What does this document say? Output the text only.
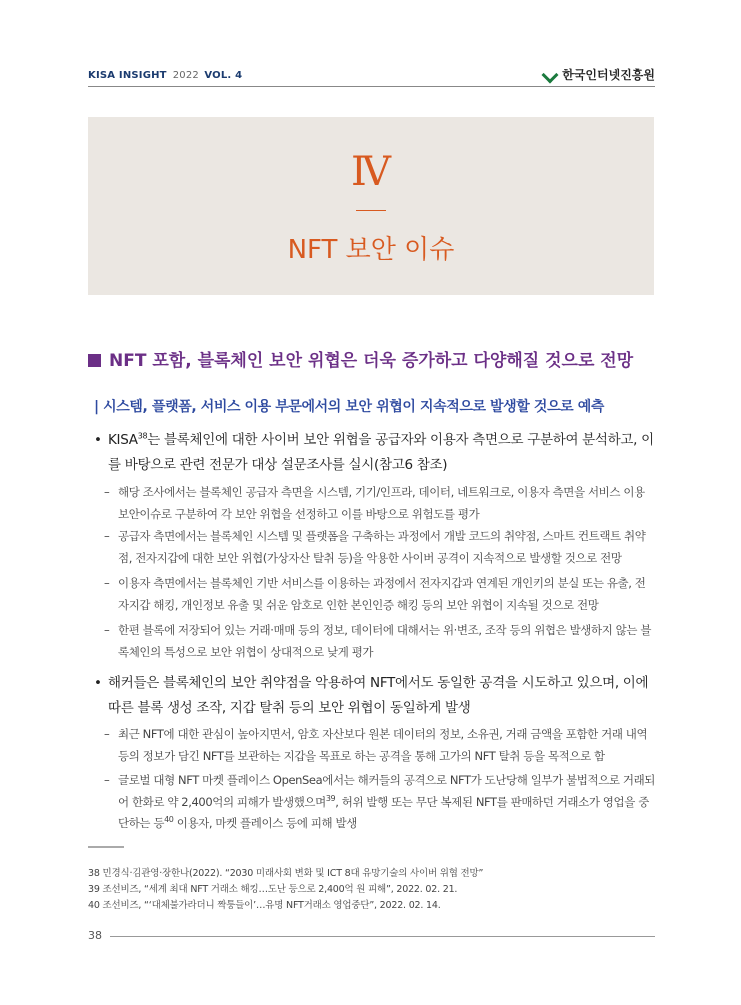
KISA INSIGHT 2022 VOL. 4	한국인터넷진흥원
Ⅳ
NFT 보안 이슈
NFT 포함, 블록체인 보안 위협은 더욱 증가하고 다양해질 것으로 전망
| 시스템, 플랫폼, 서비스 이용 부문에서의 보안 위협이 지속적으로 발생할 것으로 예측
• KISA$^{38}$는 블록체인에 대한 사이버 보안 위협을 공급자와 이용자 측면으로 구분하여 분석하고, 이를 바탕으로 관련 전문가 대상 설문조사를 실시(참고6 참조)
– 해당 조사에서는 블록체인 공급자 측면을 시스템, 기기/인프라, 데이터, 네트워크로, 이용자 측면을 서비스 이용 보안이슈로 구분하여 각 보안 위협을 선정하고 이를 바탕으로 위험도를 평가
– 공급자 측면에서는 블록체인 시스템 및 플랫폼을 구축하는 과정에서 개발 코드의 취약점, 스마트 컨트랙트 취약점, 전자지갑에 대한 보안 위협(가상자산 탈취 등)을 악용한 사이버 공격이 지속적으로 발생할 것으로 전망
– 이용자 측면에서는 블록체인 기반 서비스를 이용하는 과정에서 전자지갑과 연계된 개인키의 분실 또는 유출, 전자지갑 해킹, 개인정보 유출 및 쉬운 암호로 인한 본인인증 해킹 등의 보안 위협이 지속될 것으로 전망
– 한편 블록에 저장되어 있는 거래·매매 등의 정보, 데이터에 대해서는 위·변조, 조작 등의 위협은 발생하지 않는 블록체인의 특성으로 보안 위협이 상대적으로 낮게 평가
• 해커들은 블록체인의 보안 취약점을 악용하여 NFT에서도 동일한 공격을 시도하고 있으며, 이에 따른 블록 생성 조작, 지갑 탈취 등의 보안 위협이 동일하게 발생
– 최근 NFT에 대한 관심이 높아지면서, 암호 자산보다 원본 데이터의 정보, 소유권, 거래 금액을 포함한 거래 내역 등의 정보가 담긴 NFT를 보관하는 지갑을 목표로 하는 공격을 통해 고가의 NFT 탈취 등을 목적으로 함
– 글로벌 대형 NFT 마켓 플레이스 OpenSea에서는 해커들의 공격으로 NFT가 도난당해 일부가 불법적으로 거래되어 한화로 약 2,400억의 피해가 발생했으며$^{39}$, 허위 발행 또는 무단 복제된 NFT를 판매하던 거래소가 영업을 중단하는 등$^{40}$ 이용자, 마켓 플레이스 등에 피해 발생
38 민경식·김관영·장한나(2022). “2030 미래사회 변화 및 ICT 8대 유망기술의 사이버 위협 전망”
39 조선비즈, “세계 최대 NFT 거래소 해킹…도난 등으로 2,400억 원 피해”, 2022. 02. 21.
40 조선비즈, “‘대체불가라더니 짝퉁들이’…유명 NFT거래소 영업중단”, 2022. 02. 14.
38
